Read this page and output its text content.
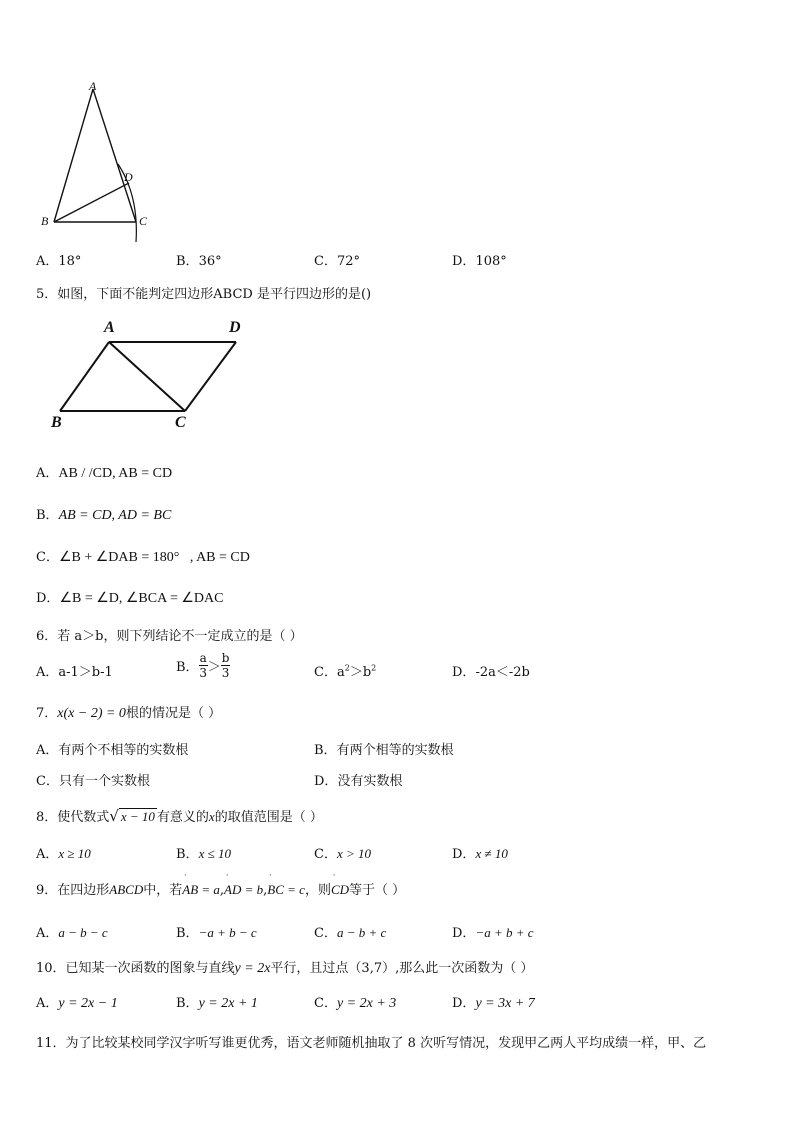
A
B	C
D
A．18°	B．36°	C．72°	D．108°
5．如图，下面不能判定四边形ABCD 是平行四边形的是()
A	D
B	C
A．AB / /CD, AB = CD
B．AB = CD, AD = BC
C．∠B + ∠DAB = 180°   , AB = CD
D．∠B = ∠D, ∠BCA = ∠DAC
6．若 a＞b，则下列结论不一定成立的是（ ）
A．a-1＞b-1	B． $\frac{a}{3} > \frac{b}{3}$	C．$a^2>b^2$	D．-2a＜-2b
7．x(x − 2) = 0根的情况是（ ）
A．有两个不相等的实数根	B．有两个相等的实数根
C．只有一个实数根	D．没有实数根
8．使代数式√ x − 10 有意义的x的取值范围是（ ）
A．x ≥ 10	B．x ≤ 10	C．x > 10	D．x ≠ 10
9．在四边形ABCD中，若ﾞ AB = a,ﾞ AD = b,ﾞ BC = c，则ﾞ CD等于（ ）
A．a − b − c	B．−a + b − c	C．a − b + c	D．−a + b + c
10．已知某一次函数的图象与直线y = 2x平行，且过点（3,7）,那么此一次函数为（ ）
A．y = 2x − 1	B．y = 2x + 1	C．y = 2x + 3	D．y = 3x + 7
11．为了比较某校同学汉字听写谁更优秀，语文老师随机抽取了 8 次听写情况，发现甲乙两人平均成绩一样，甲、乙
